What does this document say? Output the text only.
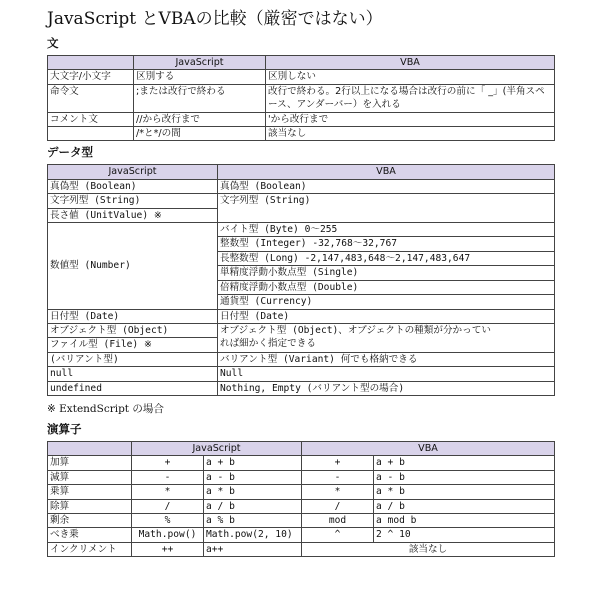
JavaScript とVBAの比較（厳密ではない）
文
	JavaScript	VBA
大文字/小文字	区別する	区別しない
命令文	;または改行で終わる	改行で終わる。2行以上になる場合は改行の前に「 _」(半角スペース、アンダーバー）を入れる
コメント文	//から改行まで	'から改行まで
	/*と*/の間	該当なし
データ型
JavaScript	VBA
真偽型 (Boolean)	真偽型 (Boolean)
文字列型 (String)	文字列型 (String)
長さ値 (UnitValue) ※	
数値型 (Number)	バイト型 (Byte) 0〜255
	整数型 (Integer) -32,768〜32,767
	長整数型 (Long) -2,147,483,648〜2,147,483,647
	単精度浮動小数点型 (Single)
	倍精度浮動小数点型 (Double)
	通貨型 (Currency)
日付型 (Date)	日付型 (Date)
オブジェクト型 (Object)	オブジェクト型 (Object)、オブジェクトの種類が分かってい
れば細かく指定できる
ファイル型 (File) ※	
(バリアント型)	バリアント型 (Variant) 何でも格納できる
null	Null
undefined	Nothing, Empty (バリアント型の場合)
※ ExtendScript の場合
演算子
	JavaScript		VBA	
加算	+	a + b	+	a + b
減算	-	a - b	-	a - b
乗算	*	a * b	*	a * b
除算	/	a / b	/	a / b
剰余	%	a % b	mod	a mod b
べき乗	Math.pow()	Math.pow(2, 10)	^	2 ^ 10
インクリメント	++	a++	該当なし	
